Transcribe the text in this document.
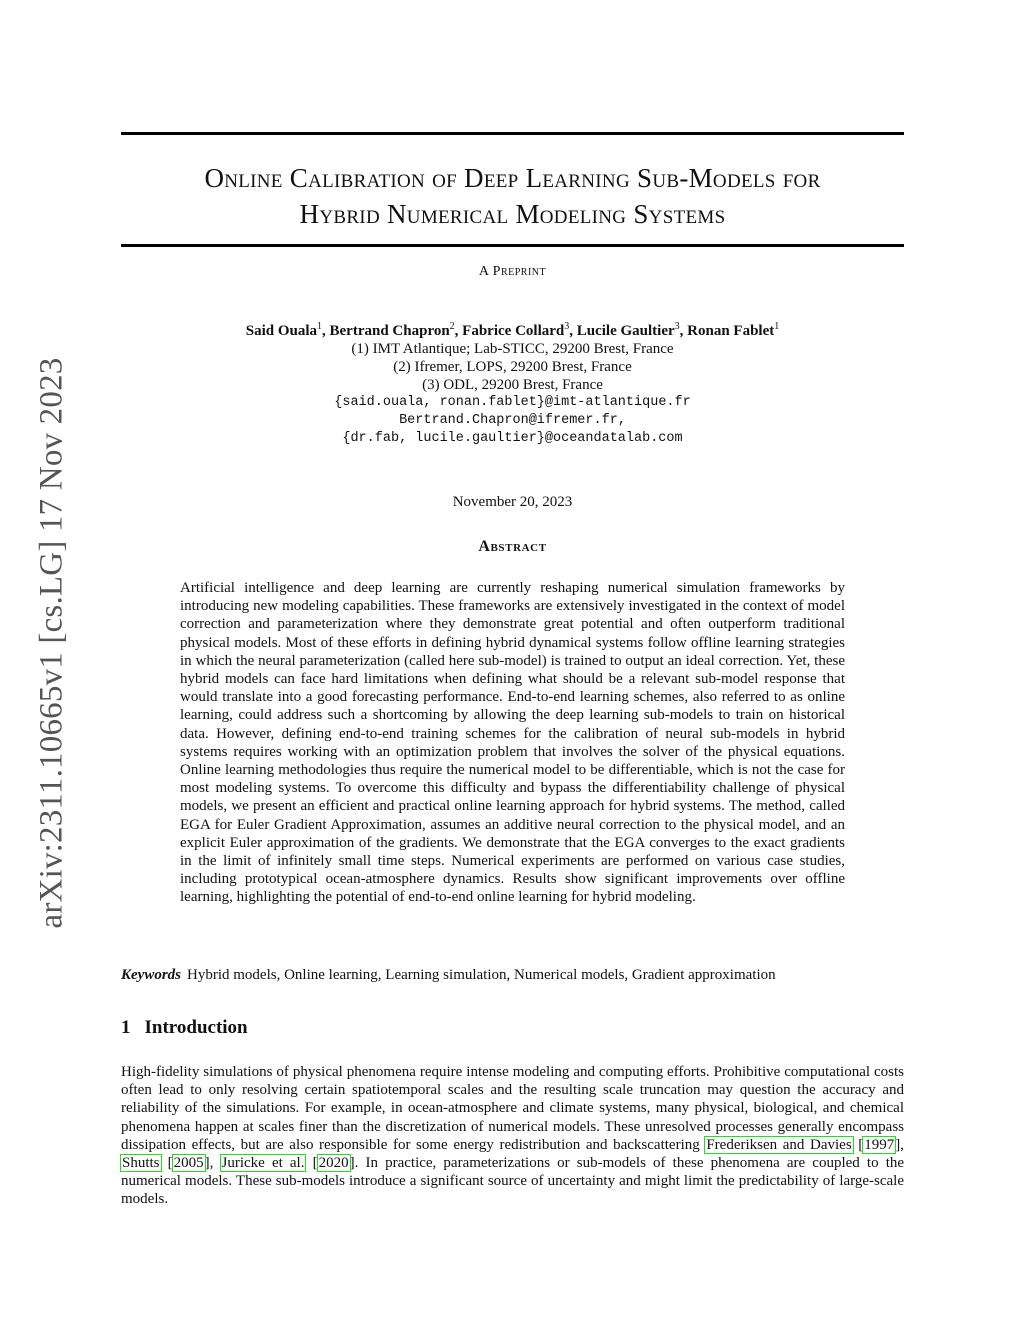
arXiv:2311.10665v1 [cs.LG] 17 Nov 2023
Online Calibration of Deep Learning Sub-Models for
Hybrid Numerical Modeling Systems
A Preprint
Said Ouala$^1$, Bertrand Chapron$^2$, Fabrice Collard$^3$, Lucile Gaultier$^3$, Ronan Fablet$^1$
(1) IMT Atlantique; Lab-STICC, 29200 Brest, France
(2) Ifremer, LOPS, 29200 Brest, France
(3) ODL, 29200 Brest, France
{said.ouala, ronan.fablet}@imt-atlantique.fr
Bertrand.Chapron@ifremer.fr,
{dr.fab, lucile.gaultier}@oceandatalab.com
November 20, 2023
Abstract
Artificial intelligence and deep learning are currently reshaping numerical simulation frameworks by introducing new modeling capabilities. These frameworks are extensively investigated in the context of model correction and parameterization where they demonstrate great potential and often outperform traditional physical models. Most of these efforts in defining hybrid dynamical systems follow offline learning strategies in which the neural parameterization (called here sub-model) is trained to output an ideal correction. Yet, these hybrid models can face hard limitations when defining what should be a relevant sub-model response that would translate into a good forecasting performance. End-to-end learning schemes, also referred to as online learning, could address such a shortcoming by allowing the deep learning sub-models to train on historical data. However, defining end-to-end training schemes for the calibration of neural sub-models in hybrid systems requires working with an optimization problem that involves the solver of the physical equations. Online learning methodologies thus require the numerical model to be differentiable, which is not the case for most modeling systems. To overcome this difficulty and bypass the differentiability challenge of physical models, we present an efficient and practical online learning approach for hybrid systems. The method, called EGA for Euler Gradient Approximation, assumes an additive neural correction to the physical model, and an explicit Euler approximation of the gradients. We demonstrate that the EGA converges to the exact gradients in the limit of infinitely small time steps. Numerical experiments are performed on various case studies, including prototypical ocean-atmosphere dynamics. Results show significant improvements over offline learning, highlighting the potential of end-to-end online learning for hybrid modeling.
Keywords Hybrid models, Online learning, Learning simulation, Numerical models, Gradient approximation
1 Introduction
High-fidelity simulations of physical phenomena require intense modeling and computing efforts. Prohibitive computational costs often lead to only resolving certain spatiotemporal scales and the resulting scale truncation may question the accuracy and reliability of the simulations. For example, in ocean-atmosphere and climate systems, many physical, biological, and chemical phenomena happen at scales finer than the discretization of numerical models. These unresolved processes generally encompass dissipation effects, but are also responsible for some energy redistribution and backscattering Frederiksen and Davies [1997], Shutts [2005], Juricke et al. [2020]. In practice, parameterizations or sub-models of these phenomena are coupled to the numerical models. These sub-models introduce a significant source of uncertainty and might limit the predictability of large-scale models.
